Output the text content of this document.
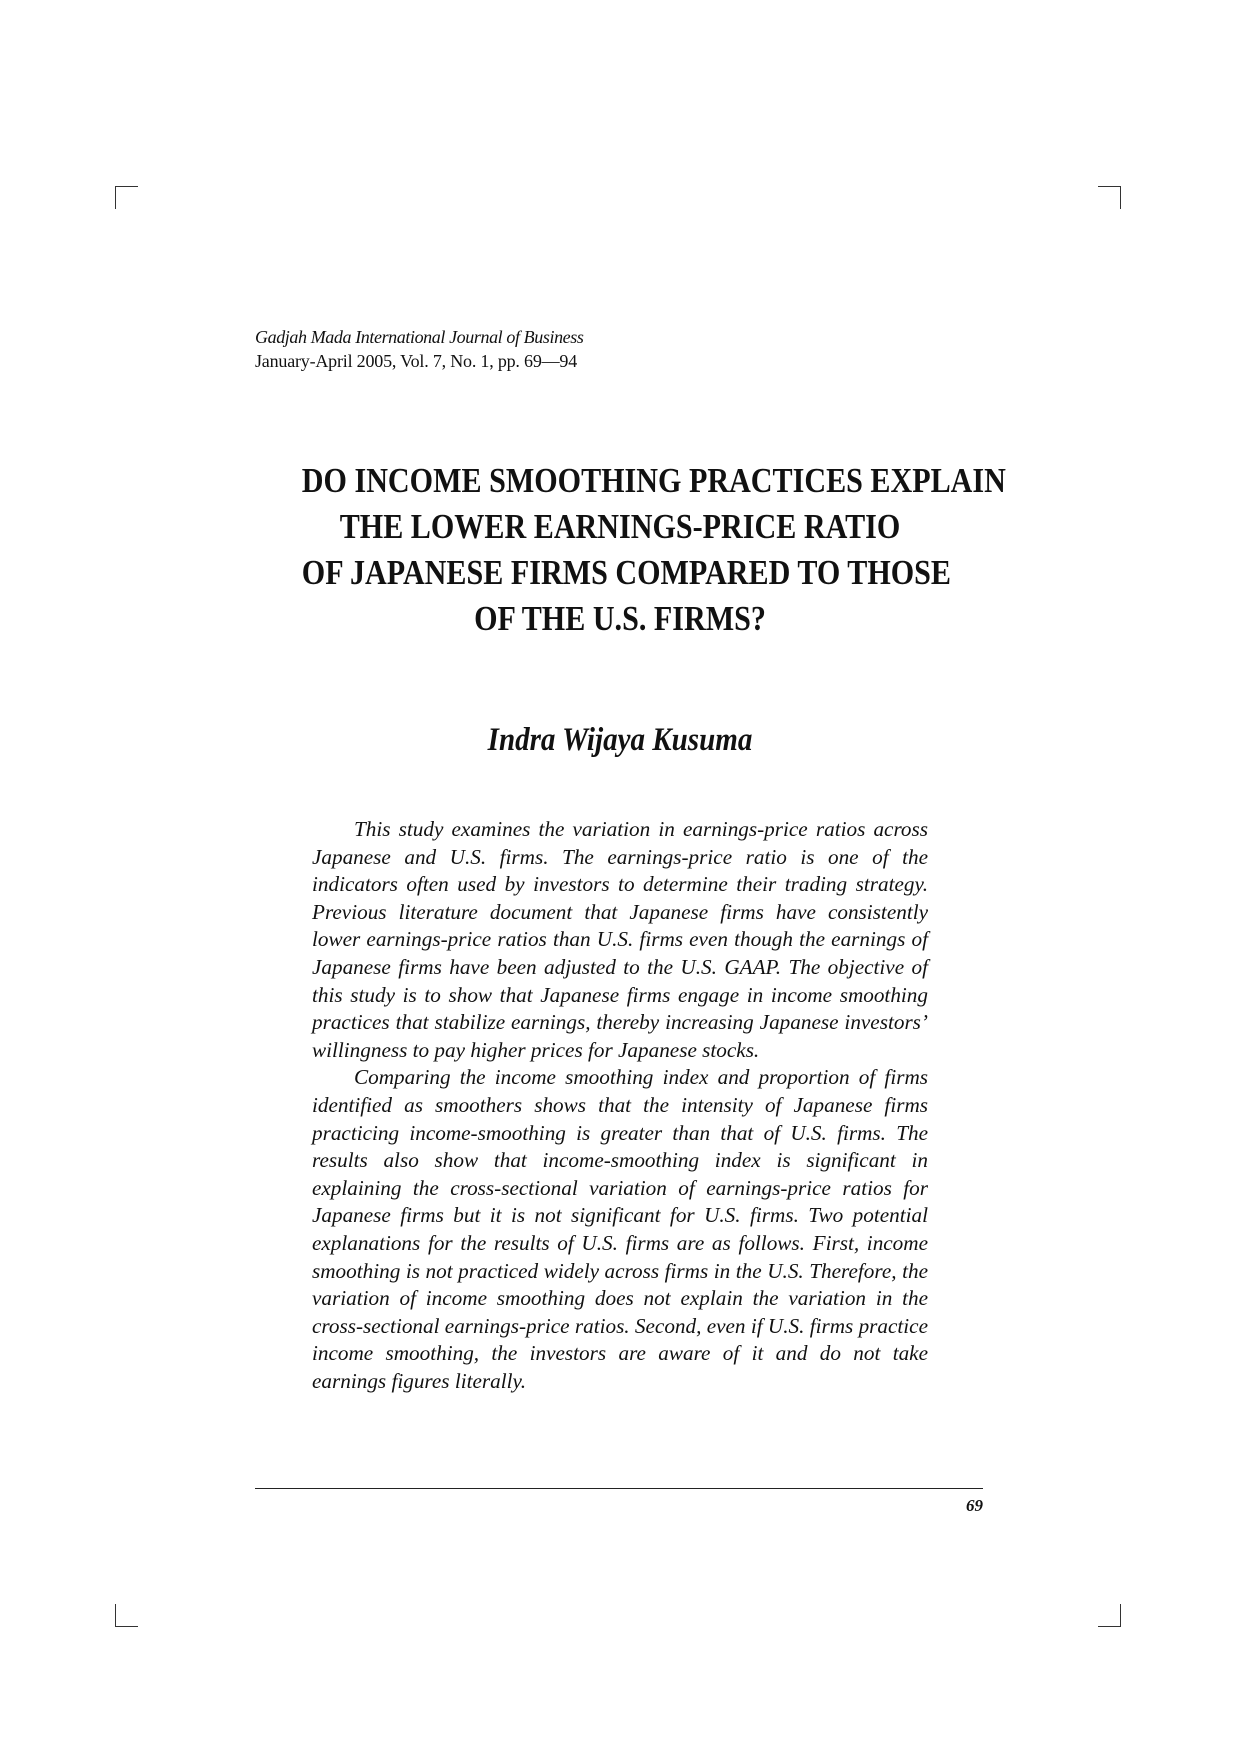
Gadjah Mada International Journal of Business
January-April 2005, Vol. 7, No. 1, pp. 69—94
DO INCOME SMOOTHING PRACTICES EXPLAIN
THE LOWER EARNINGS-PRICE RATIO
OF JAPANESE FIRMS COMPARED TO THOSE
OF THE U.S. FIRMS?
Indra Wijaya Kusuma

This study examines the variation in earnings-price ratios across Japanese and U.S. firms. The earnings-price ratio is one of the indicators often used by investors to determine their trading strategy. Previous literature document that Japanese firms have consistently lower earnings-price ratios than U.S. firms even though the earnings of Japanese firms have been adjusted to the U.S. GAAP. The objective of this study is to show that Japanese firms engage in income smoothing practices that stabilize earnings, thereby increasing Japanese investors’ willingness to pay higher prices for Japanese stocks.

Comparing the income smoothing index and proportion of firms identified as smoothers shows that the intensity of Japanese firms practicing income-smoothing is greater than that of U.S. firms. The results also show that income-smoothing index is significant in explaining the cross-sectional variation of earnings-price ratios for Japanese firms but it is not significant for U.S. firms. Two potential explanations for the results of U.S. firms are as follows. First, income smoothing is not practiced widely across firms in the U.S. Therefore, the variation of income smoothing does not explain the variation in the cross-sectional earnings-price ratios. Second, even if U.S. firms practice income smoothing, the investors are aware of it and do not take earnings figures literally.

69
